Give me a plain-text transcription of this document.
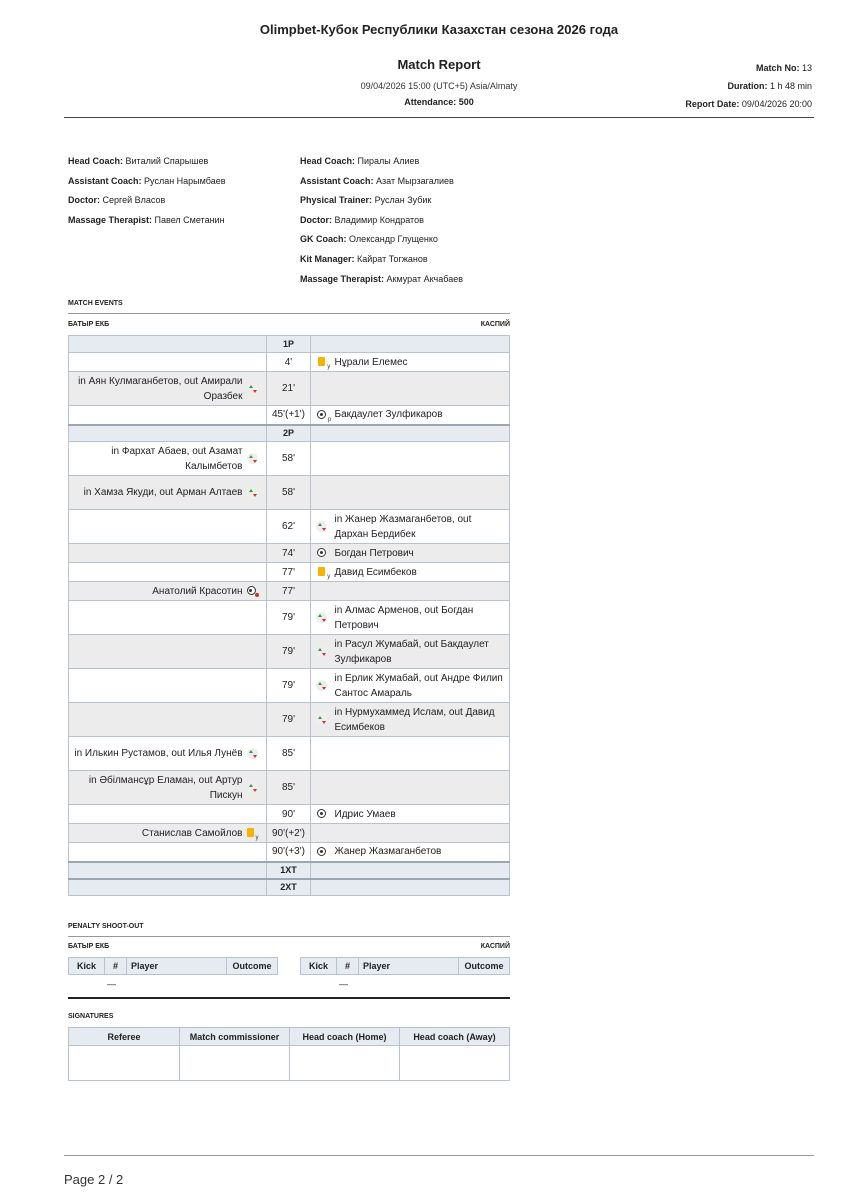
Olimpbet-Кубок Республики Казахстан сезона 2026 года
Match Report
09/04/2026 15:00 (UTC+5) Asia/Almaty
Attendance: 500
Match No: 13
Duration: 1 h 48 min
Report Date: 09/04/2026 20:00
Head Coach: Виталий Спарышев
Assistant Coach: Руслан Нарымбаев
Doctor: Сергей Власов
Massage Therapist: Павел Сметанин
Head Coach: Пиралы Алиев
Assistant Coach: Азат Мырзагалиев
Physical Trainer: Руслан Зубик
Doctor: Владимир Кондратов
GK Coach: Олександр Глущенко
Kit Manager: Кайрат Тогжанов
Massage Therapist: Акмурат Акчабаев
MATCH EVENTS
БАТЫР ЕКБ	КАСПИЙ
		1P		
		4'	y	Нұрали Елемес
in Аян Кулмаганбетов, out Амирали Оразбек		21'		
		45'(+1')	p	Бакдаулет Зулфикаров
		2P		
in Фархат Абаев, out Азамат Калымбетов		58'		
in Хамза Якуди, out Арман Алтаев		58'		
		62'		in Жанер Жазмаганбетов, out Дархан Бердибек
		74'		Богдан Петрович
		77'	y	Давид Есимбеков
Анатолий Красотин		77'		
		79'		in Алмас Арменов, out Богдан Петрович
		79'		in Расул Жумабай, out Бакдаулет Зулфикаров
		79'		in Ерлик Жумабай, out Андре Филип Сантос Амараль
		79'		in Нурмухаммед Ислам, out Давид Есимбеков
in Илькин Рустамов, out Илья Лунёв		85'		
in Әбілмансұр Еламан, out Артур Пискун		85'		
		90'		Идрис Умаев
Станислав Самойлов	y	90'(+2')		
		90'(+3')		Жанер Жазмаганбетов
		1XT		
		2XT		
PENALTY SHOOT-OUT
БАТЫР ЕКБ	КАСПИЙ
Kick	#	Player	Outcome	Kick	#	Player	Outcome
—	—
SIGNATURES
Referee	Match commissioner	Head coach (Home)	Head coach (Away)

Page 2 / 2
